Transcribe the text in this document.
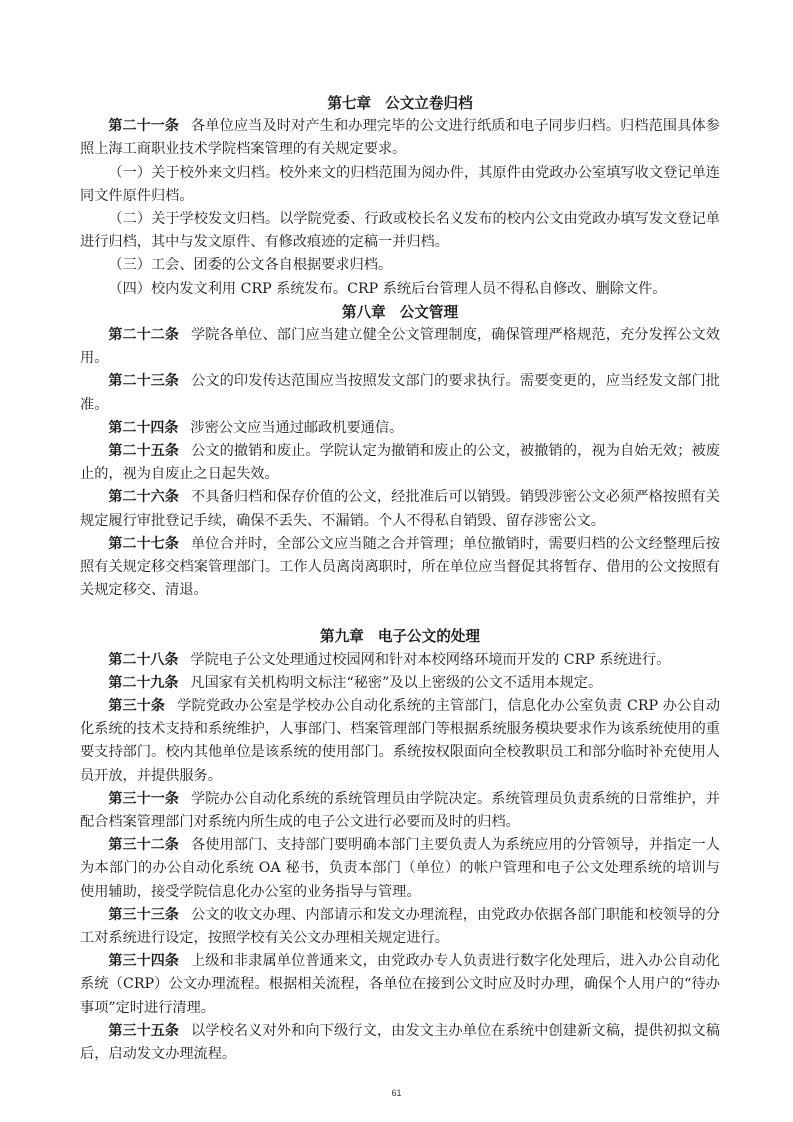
第七章 公文立卷归档

第二十一条 各单位应当及时对产生和办理完毕的公文进行纸质和电子同步归档。归档范围具体参照上海工商职业技术学院档案管理的有关规定要求。

（一）关于校外来文归档。校外来文的归档范围为阅办件，其原件由党政办公室填写收文登记单连同文件原件归档。

（二）关于学校发文归档。以学院党委、行政或校长名义发布的校内公文由党政办填写发文登记单进行归档，其中与发文原件、有修改痕迹的定稿一并归档。

（三）工会、团委的公文各自根据要求归档。

（四）校内发文利用 CRP 系统发布。CRP 系统后台管理人员不得私自修改、删除文件。

第八章 公文管理

第二十二条 学院各单位、部门应当建立健全公文管理制度，确保管理严格规范，充分发挥公文效用。

第二十三条 公文的印发传达范围应当按照发文部门的要求执行。需要变更的，应当经发文部门批准。

第二十四条 涉密公文应当通过邮政机要通信。

第二十五条 公文的撤销和废止。学院认定为撤销和废止的公文，被撤销的，视为自始无效；被废止的，视为自废止之日起失效。

第二十六条 不具备归档和保存价值的公文，经批准后可以销毁。销毁涉密公文必须严格按照有关规定履行审批登记手续，确保不丢失、不漏销。个人不得私自销毁、留存涉密公文。

第二十七条 单位合并时，全部公文应当随之合并管理；单位撤销时，需要归档的公文经整理后按照有关规定移交档案管理部门。工作人员离岗离职时，所在单位应当督促其将暂存、借用的公文按照有关规定移交、清退。

第九章 电子公文的处理

第二十八条 学院电子公文处理通过校园网和针对本校网络环境而开发的 CRP 系统进行。

第二十九条 凡国家有关机构明文标注“秘密”及以上密级的公文不适用本规定。

第三十条 学院党政办公室是学校办公自动化系统的主管部门，信息化办公室负责 CRP 办公自动化系统的技术支持和系统维护，人事部门、档案管理部门等根据系统服务模块要求作为该系统使用的重要支持部门。校内其他单位是该系统的使用部门。系统按权限面向全校教职员工和部分临时补充使用人员开放，并提供服务。

第三十一条 学院办公自动化系统的系统管理员由学院决定。系统管理员负责系统的日常维护，并配合档案管理部门对系统内所生成的电子公文进行必要而及时的归档。

第三十二条 各使用部门、支持部门要明确本部门主要负责人为系统应用的分管领导，并指定一人为本部门的办公自动化系统 OA 秘书，负责本部门（单位）的帐户管理和电子公文处理系统的培训与使用辅助，接受学院信息化办公室的业务指导与管理。

第三十三条 公文的收文办理、内部请示和发文办理流程，由党政办依据各部门职能和校领导的分工对系统进行设定，按照学校有关公文办理相关规定进行。

第三十四条 上级和非隶属单位普通来文，由党政办专人负责进行数字化处理后，进入办公自动化系统（CRP）公文办理流程。根据相关流程，各单位在接到公文时应及时办理，确保个人用户的“待办事项”定时进行清理。

第三十五条 以学校名义对外和向下级行文，由发文主办单位在系统中创建新文稿，提供初拟文稿后，启动发文办理流程。

61
